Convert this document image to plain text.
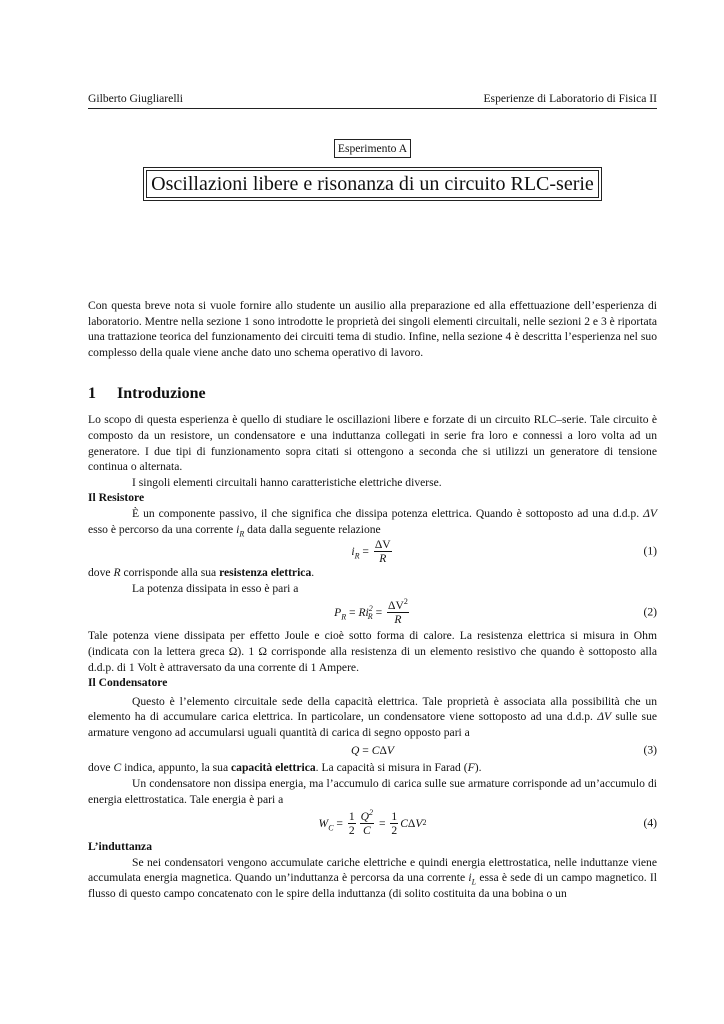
Gilberto Giugliarelli	Esperienze di Laboratorio di Fisica II
Esperimento A
Oscillazioni libere e risonanza di un circuito RLC-serie

Con questa breve nota si vuole fornire allo studente un ausilio alla preparazione ed alla effettuazione dell’esperienza di laboratorio. Mentre nella sezione 1 sono introdotte le proprietà dei singoli elementi circuitali, nelle sezioni 2 e 3 è riportata una trattazione teorica del funzionamento dei circuiti tema di studio. Infine, nella sezione 4 è descritta l’esperienza nel suo complesso della quale viene anche dato uno schema operativo di lavoro.

1 Introduzione

Lo scopo di questa esperienza è quello di studiare le oscillazioni libere e forzate di un circuito RLC–serie. Tale circuito è composto da un resistore, un condensatore e una induttanza collegati in serie fra loro e connessi a loro volta ad un generatore. I due tipi di funzionamento sopra citati si ottengono a seconda che si utilizzi un generatore di tensione continua o alternata.

I singoli elementi circuitali hanno caratteristiche elettriche diverse.

Il Resistore

È un componente passivo, il che significa che dissipa potenza elettrica. Quando è sottoposto ad una d.d.p. ΔV esso è percorso da una corrente $i_R$ data dalla seguente relazione

$i_R = \frac{\Delta V}{R}$	(1)

dove R corrisponde alla sua resistenza elettrica.

La potenza dissipata in esso è pari a

$P_R = Ri^2_R = \frac{\Delta V^2}{R}$	(2)

Tale potenza viene dissipata per effetto Joule e cioè sotto forma di calore. La resistenza elettrica si misura in Ohm (indicata con la lettera greca Ω). 1 Ω corrisponde alla resistenza di un elemento resistivo che quando è sottoposto alla d.d.p. di 1 Volt è attraversato da una corrente di 1 Ampere.

Il Condensatore

Questo è l’elemento circuitale sede della capacità elettrica. Tale proprietà è associata alla possibilità che un elemento ha di accumulare carica elettrica. In particolare, un condensatore viene sottoposto ad una d.d.p. ΔV sulle sue armature vengono ad accumularsi uguali quantità di carica di segno opposto pari a

Q = C Δ V	(3)

dove C indica, appunto, la sua capacità elettrica. La capacità si misura in Farad (F).

Un condensatore non dissipa energia, ma l’accumulo di carica sulle sue armature corrisponde ad un’accumulo di energia elettrostatica. Tale energia è pari a

$W_C = \frac{1}{2} \frac{Q^2}{C} = \frac{1}{2}$ C Δ V 2	(4)
L’induttanza

Se nei condensatori vengono accumulate cariche elettriche e quindi energia elettrostatica, nelle induttanze viene accumulata energia magnetica. Quando un’induttanza è percorsa da una corrente $i_L$ essa è sede di un campo magnetico. Il flusso di questo campo concatenato con le spire della induttanza (di solito costituita da una bobina o un
